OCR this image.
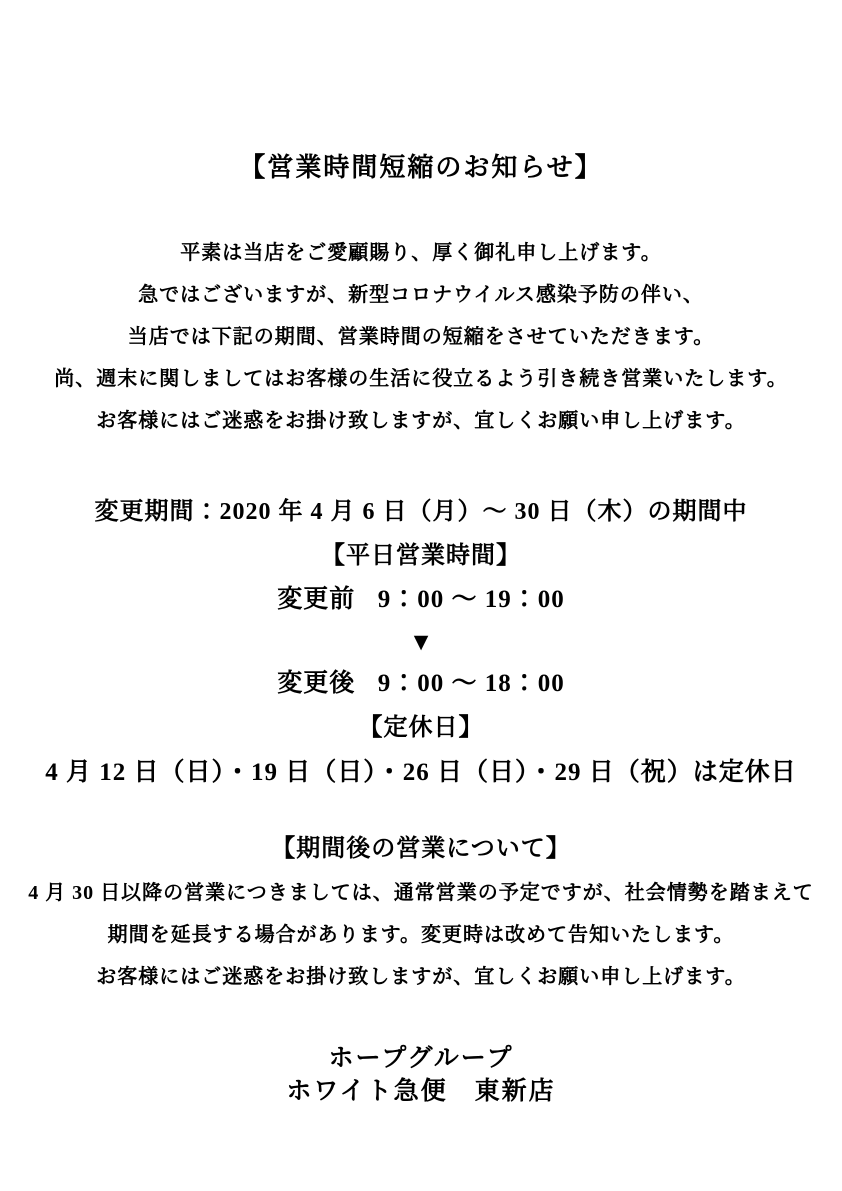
【営業時間短縮のお知らせ】

平素は当店をご愛顧賜り、厚く御礼申し上げます。

急ではございますが、新型コロナウイルス感染予防の伴い、

当店では下記の期間、営業時間の短縮をさせていただきます。

尚、週末に関しましてはお客様の生活に役立るよう引き続き営業いたします。

お客様にはご迷惑をお掛け致しますが、宜しくお願い申し上げます。

変更期間：2020 年 4 月 6 日（月）～ 30 日（木）の期間中
【平日営業時間】
変更前 9：00 ～ 19：00
▼
変更後 9：00 ～ 18：00
【定休日】
4 月 12 日（日）・19 日（日）・26 日（日）・29 日（祝）は定休日
【期間後の営業について】

4 月 30 日以降の営業につきましては、通常営業の予定ですが、社会情勢を踏まえて

期間を延長する場合があります。変更時は改めて告知いたします。

お客様にはご迷惑をお掛け致しますが、宜しくお願い申し上げます。

ホープグループ
ホワイト急便　東新店
